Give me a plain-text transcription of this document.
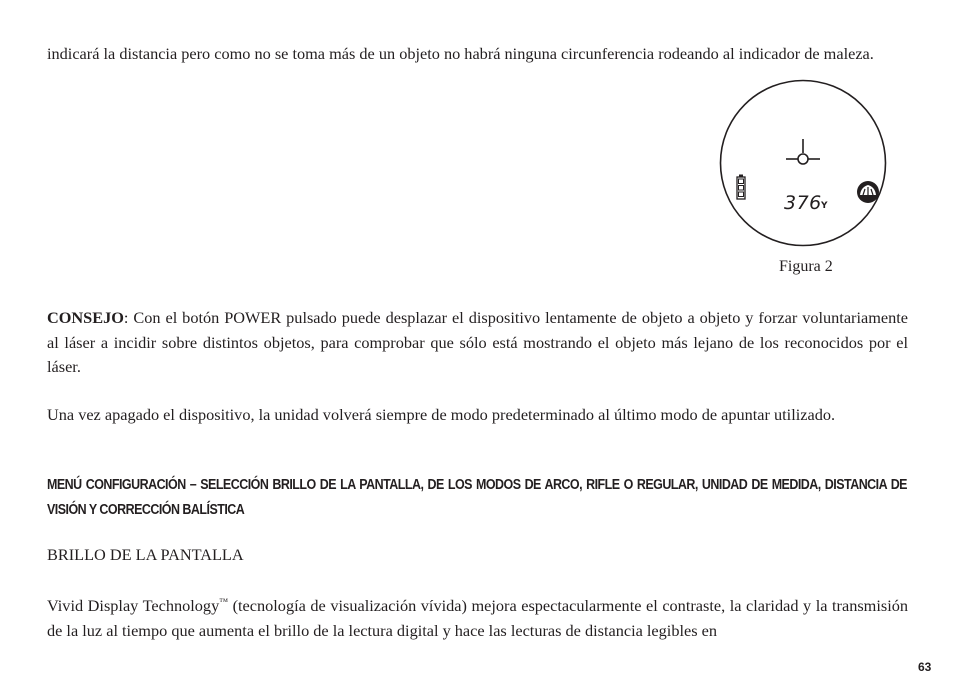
indicará la distancia pero como no se toma más de un objeto no habrá ninguna circunferencia rodeando al indicador de maleza.

376 Y

Figura 2

CONSEJO: Con el botón POWER pulsado puede desplazar el dispositivo lentamente de objeto a objeto y forzar voluntariamente al láser a incidir sobre distintos objetos, para comprobar que sólo está mostrando el objeto más lejano de los reconocidos por el láser.

Una vez apagado el dispositivo, la unidad volverá siempre de modo predeterminado al último modo de apuntar utilizado.

MENÚ CONFIGURACIÓN – SELECCIÓN BRILLO DE LA PANTALLA, DE LOS MODOS DE ARCO, RIFLE O REGULAR, UNIDAD DE MEDIDA, DISTANCIA DE VISIÓN Y CORRECCIÓN BALÍSTICA

BRILLO DE LA PANTALLA

Vivid Display Technology™ (tecnología de visualización vívida) mejora espectacularmente el contraste, la claridad y la transmisión de la luz al tiempo que aumenta el brillo de la lectura digital y hace las lecturas de distancia legibles en

63
